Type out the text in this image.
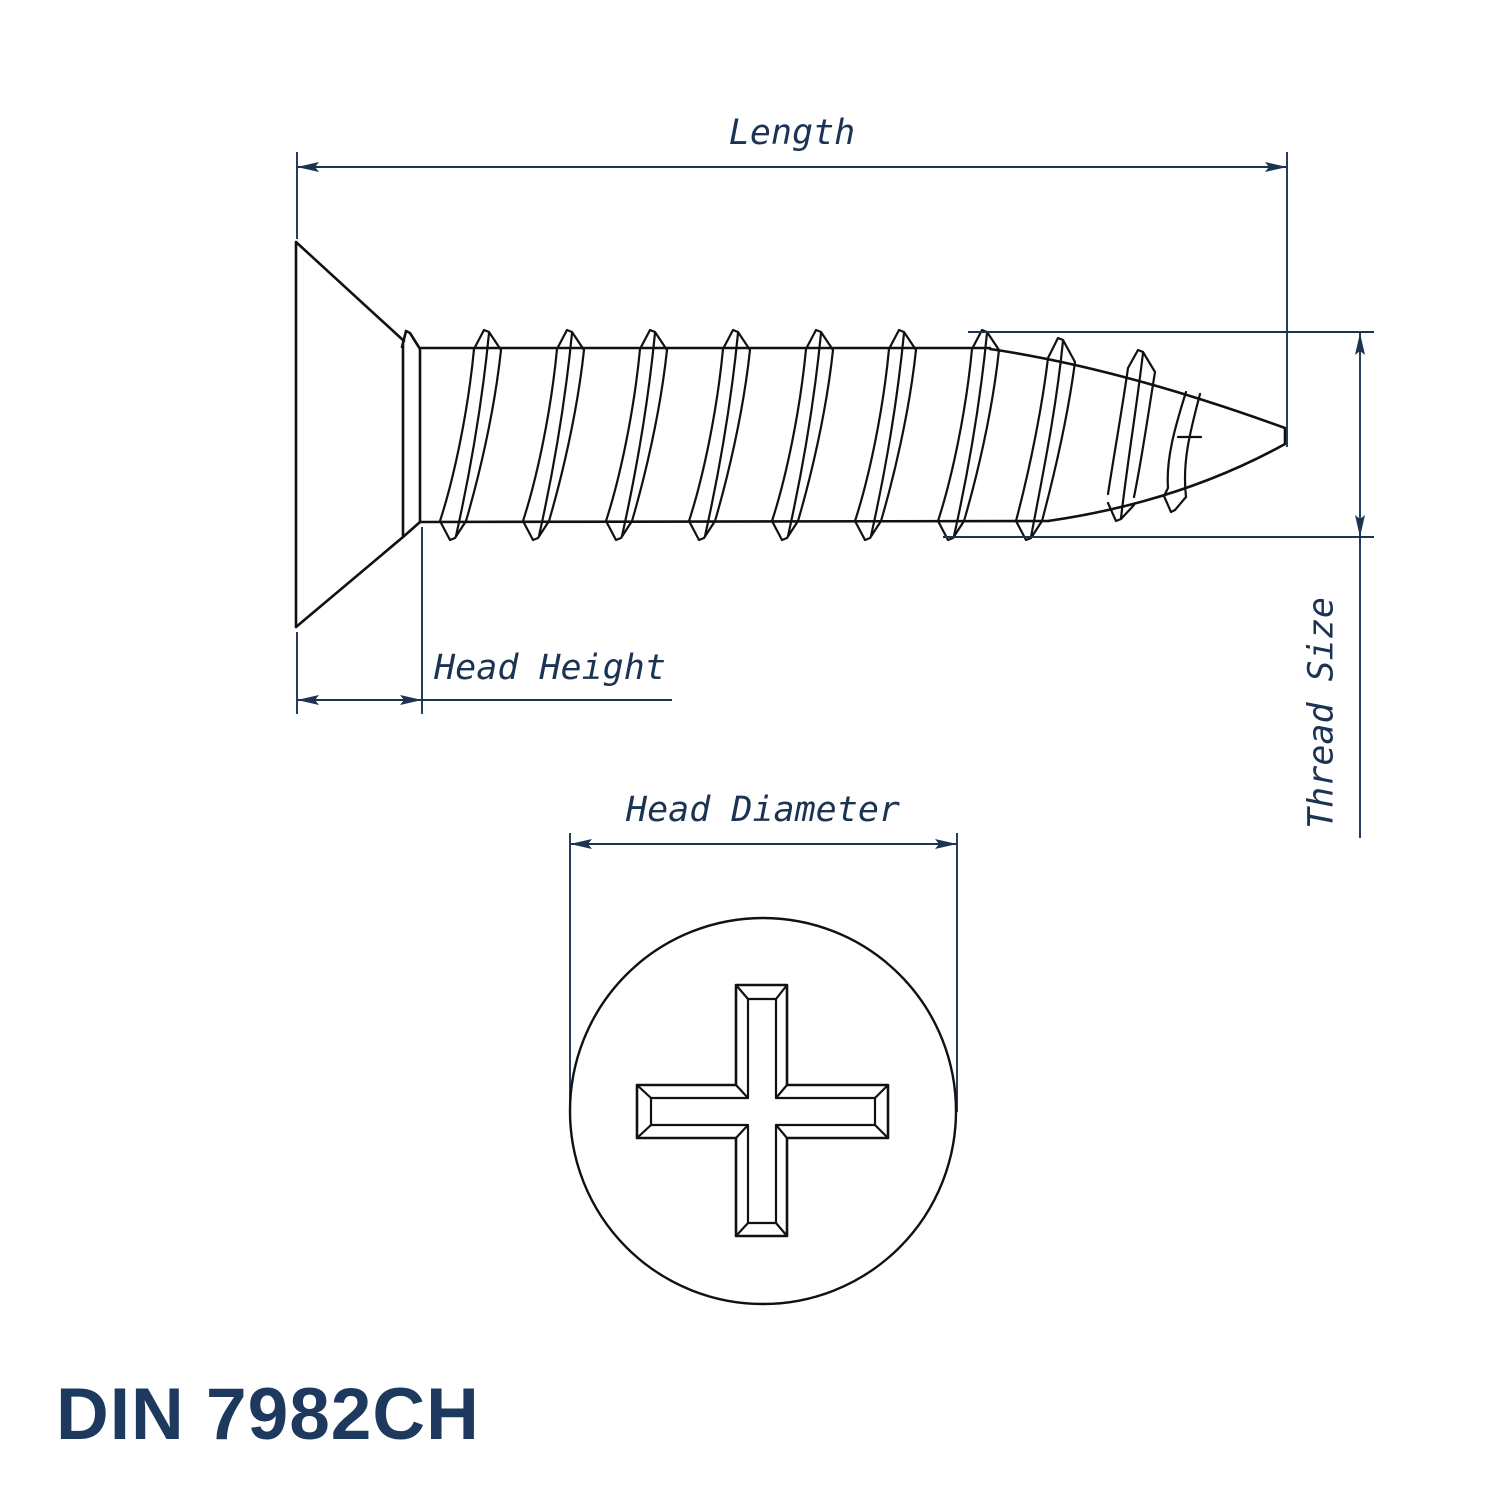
Length
Head Height	Thread Size
Head Diameter
DIN 7982CH
